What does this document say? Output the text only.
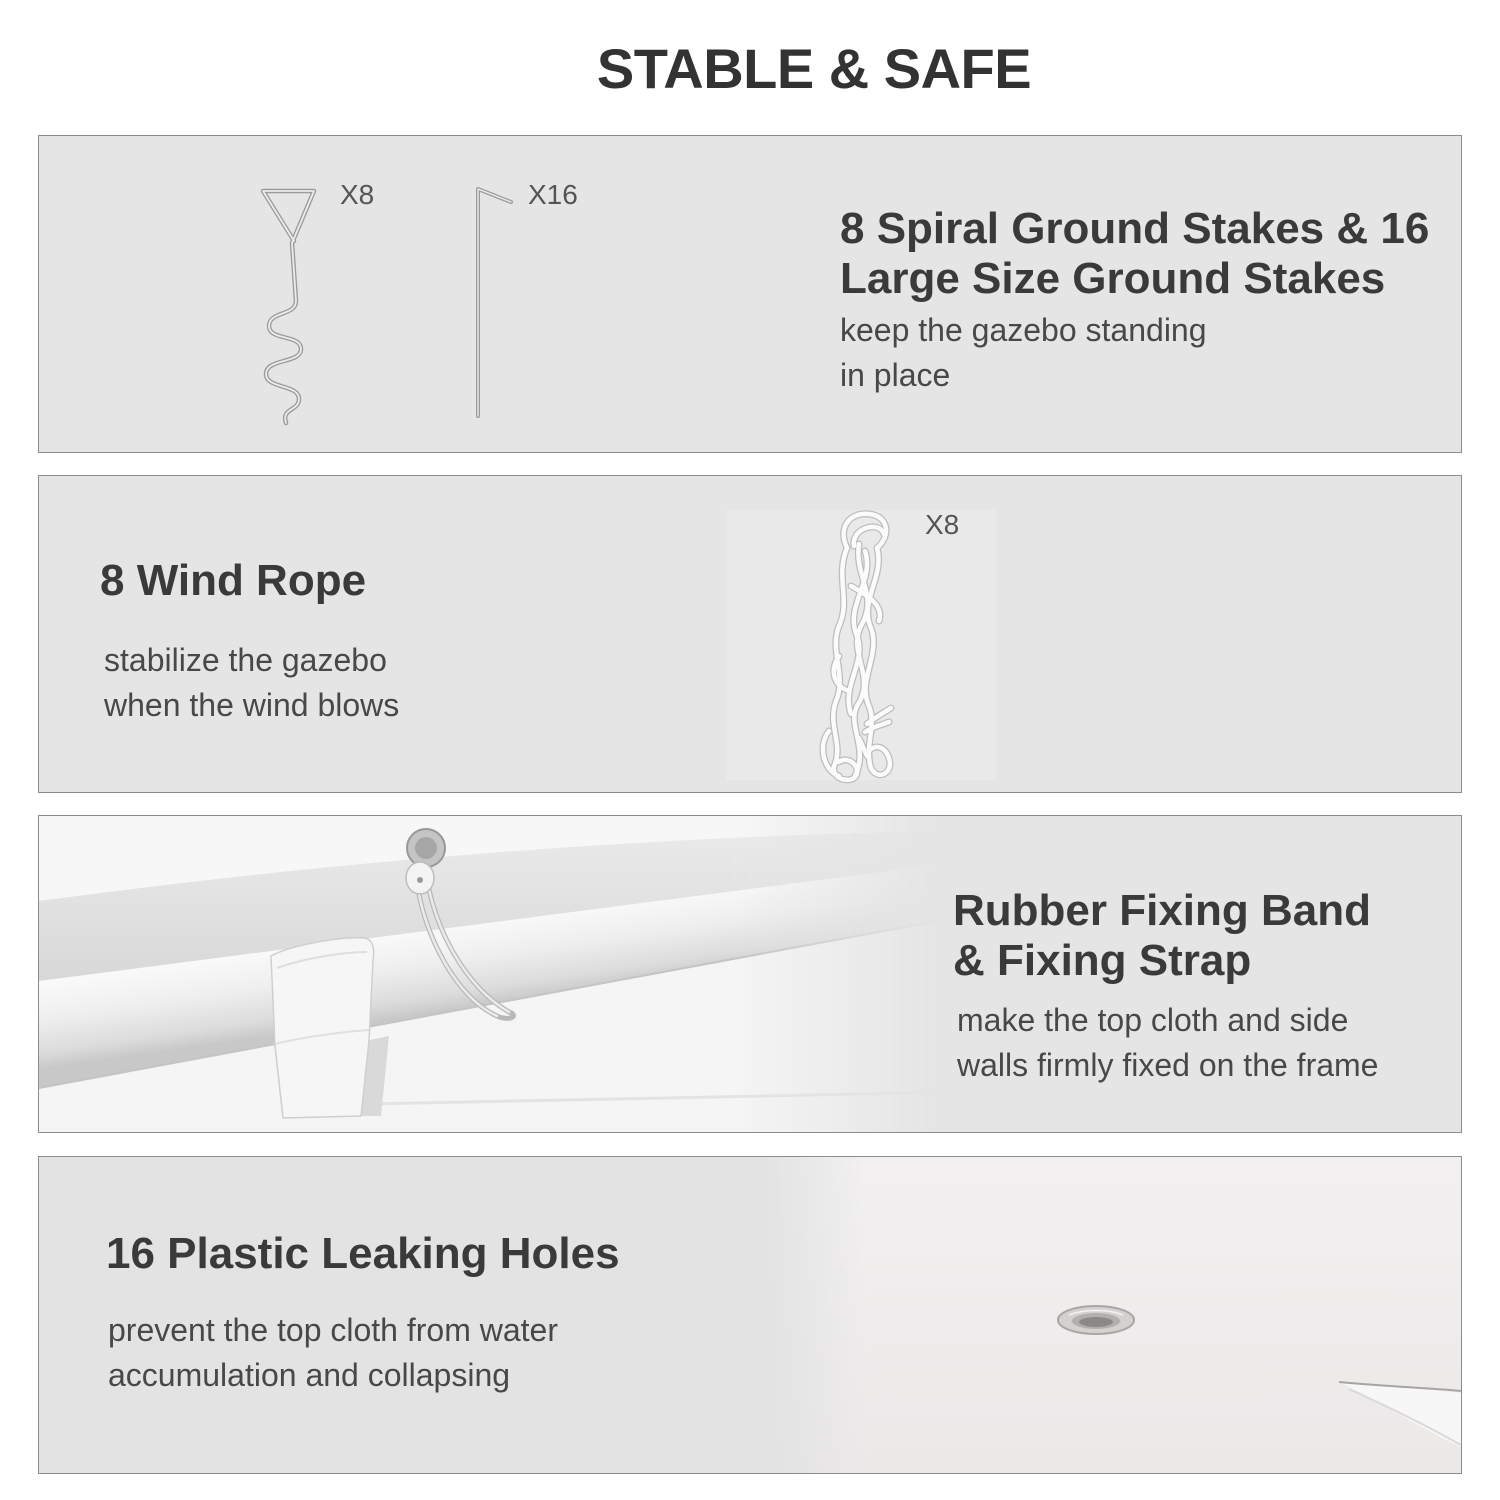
STABLE & SAFE
X8	X16
8 Spiral Ground Stakes & 16
Large Size Ground Stakes
keep the gazebo standing
in place
X8
8 Wind Rope
stabilize the gazebo
when the wind blows
Rubber Fixing Band
& Fixing Strap
make the top cloth and side
walls firmly fixed on the frame
16 Plastic Leaking Holes
prevent the top cloth from water
accumulation and collapsing
